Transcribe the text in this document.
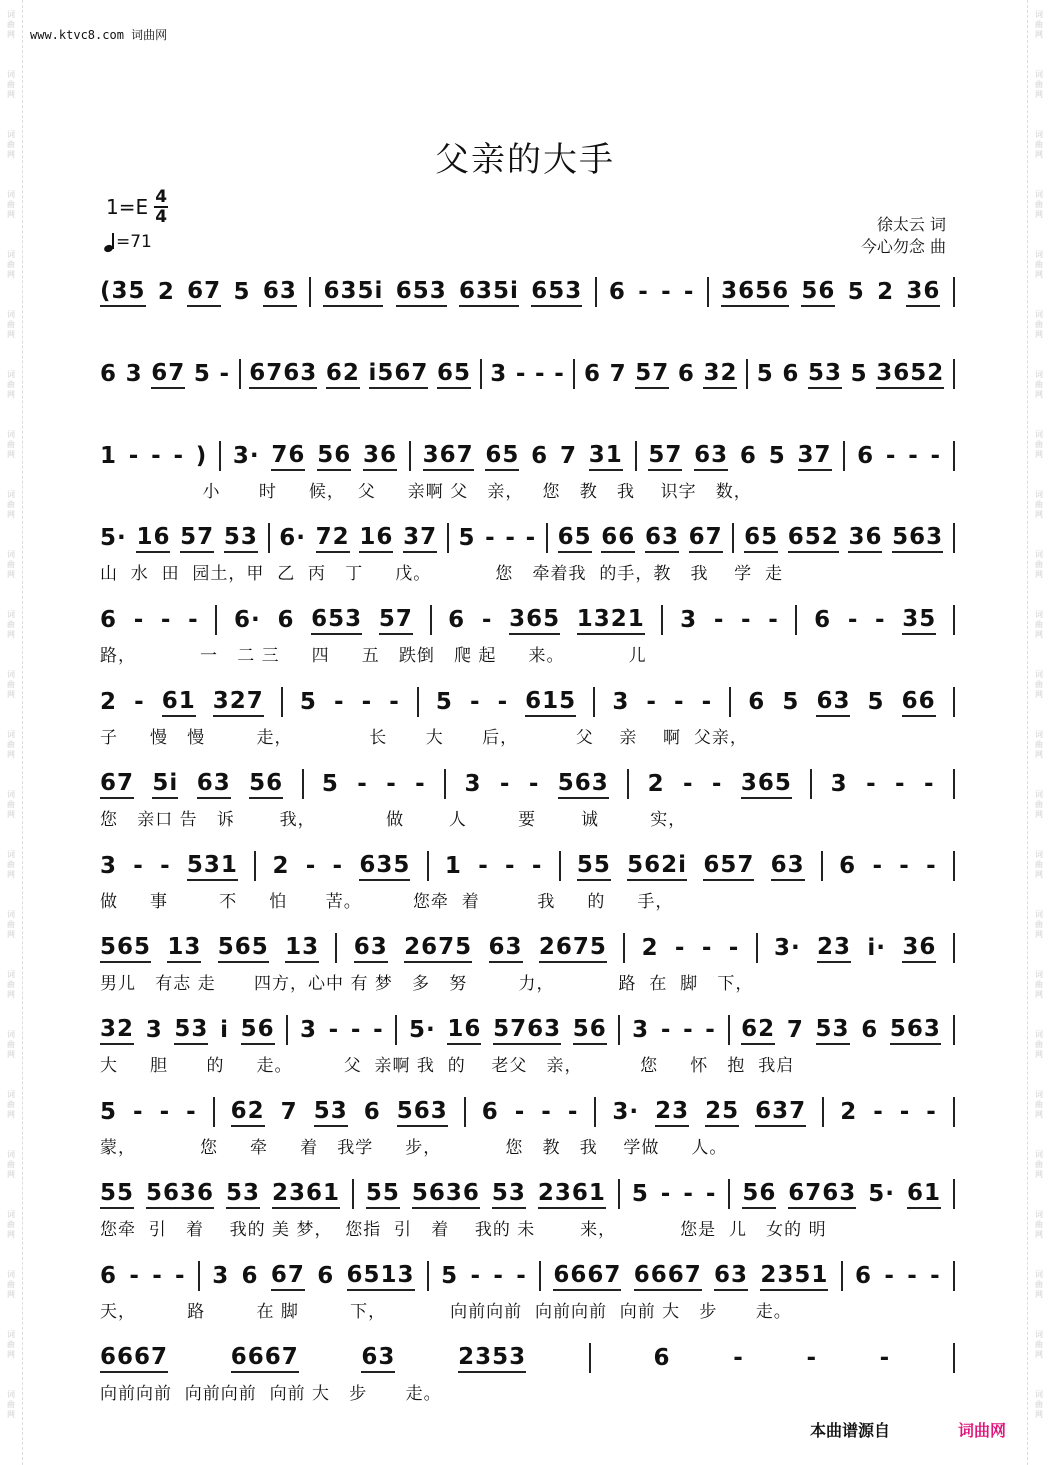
词
曲
网
词
曲
网
词
曲
网
词
曲
网
词
曲
网
词
曲
网
词
曲
网
词
曲
网
词
曲
网
词
曲
网
词
曲
网
词
曲
网
词
曲
网
词
曲
网
词
曲
网
词
曲
网
词
曲
网
词
曲
网
词
曲
网
词
曲
网
词
曲
网
词
曲
网
词
曲
网
词
曲
网
词
曲
网
词
曲
网
词
曲
网
词
曲
网
词
曲
网
词
曲
网
词
曲
网
词
曲
网
词
曲
网
词
曲
网
词
曲
网
词
曲
网
词
曲
网
词
曲
网
词
曲
网
词
曲
网
词
曲
网
词
曲
网
词
曲
网
词
曲
网
词
曲
网
词
曲
网
词
曲
网
词
曲
网
www.ktvc8.com 词曲网
父亲的大手
1=E 4
4
=71
徐太云 词
今心勿念 曲
(35 2 67 5 63 635i 653 635i 653 6 - - - 3656 56 5 2 36
6 3 67 5 - 6763 62 i567 65 3 - - - 6 7 57 6 32 5 6 53 5 3652
1 - - - ) 3· 76 56 36 367 65 6 7 31 57 63 6 5 37 6 - - -
小      时     候，  父     亲啊 父   亲，   您   教   我    识字   数，
5· 16 57 53 6· 72 16 37 5 - - - 65 66 63 67 65 652 36 563
山  水  田  园土，甲  乙  丙   丁     戊。          您   牵着我  的手，教   我    学  走
6 - - - 6· 6 653 57 6 - 365 1321 3 - - - 6 - - 35
路，          一   二 三     四     五   跌倒   爬 起     来。          儿
2 - 61 327 5 - - - 5 - - 615 3 - - - 6 5 63 5 66
子     慢   慢        走，            长      大      后，         父    亲    啊  父亲，
67 5i 63 56 5 - - - 3 - - 563 2 - - 365 3 - - -
您   亲口 告   诉       我，           做       人        要       诚        实，
3 - - 531 2 - - 635 1 - - - 55 562i 657 63 6 - - -
做     事        不     怕      苦。        您牵  着         我     的     手，
565 13 565 13 63 2675 63 2675 2 - - - 3· 23 i· 36
男儿   有志 走      四方，心中 有 梦   多   努        力，          路  在  脚   下，
32 3 53 i 56 3 - - - 5· 16 5763 56 3 - - - 62 7 53 6 563
大     胆      的     走。        父  亲啊 我  的    老父   亲，         您     怀   抱  我启
5 - - - 62 7 53 6 563 6 - - - 3· 23 25 637 2 - - -
蒙，          您     牵     着   我学     步，          您   教   我    学做     人。
55 5636 53 2361 55 5636 53 2361 5 - - - 56 6763 5· 61
您牵  引   着    我的 美 梦，  您指  引   着    我的 未       来，          您是  儿   女的 明
6 - - - 3 6 67 6 6513 5 - - - 6667 6667 63 2351 6 - - -
天，        路        在 脚        下，          向前向前  向前向前  向前 大   步      走。
6667	6667	63	2353	6	-	-	-
向前向前  向前向前  向前 大   步      走。
本曲谱源自	词曲网
